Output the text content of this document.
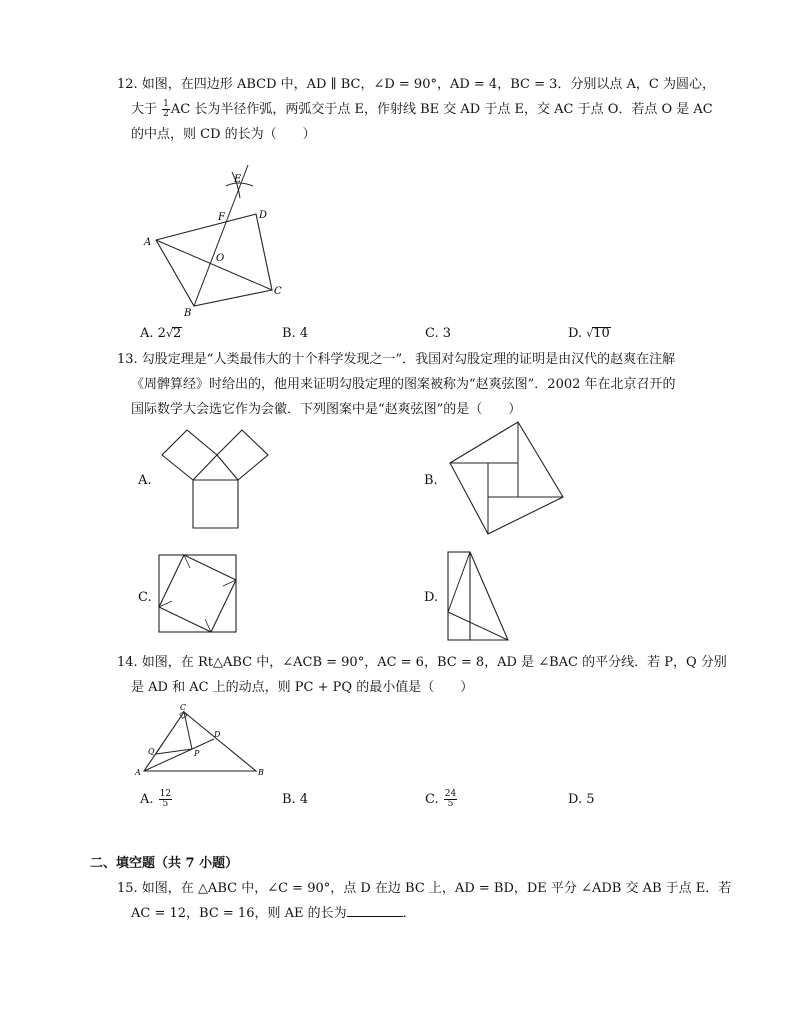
12. 如图，在四边形 ABCD 中，AD ∥ BC，∠D = 90°，AD = 4，BC = 3．分别以点 A，C 为圆心，
大于 $\frac{1}{2}$ AC 长为半径作弧，两弧交于点 E，作射线 BE 交 AD 于点 E，交 AC 于点 O．若点 O 是 AC
的中点，则 CD 的长为（　　）
E
F	D
A
O
B
C
A. 2√2	B. 4	C. 3	D. √10
13. 勾股定理是“人类最伟大的十个科学发现之一”．我国对勾股定理的证明是由汉代的赵爽在注解
《周髀算经》时给出的，他用来证明勾股定理的图案被称为“赵爽弦图”．2002 年在北京召开的
国际数学大会选它作为会徽．下列图案中是“赵爽弦图”的是（　　）
A.	B.
C.	D.
14. 如图，在 Rt△ABC 中，∠ACB = 90°，AC = 6，BC = 8，AD 是 ∠BAC 的平分线．若 P，Q 分别
是 AD 和 AC 上的动点，则 PC + PQ 的最小值是（　　）
C
D
Q	P
A	B
A. $\frac{12}{5}$	B. 4	C. $\frac{24}{5}$	D. 5
二、填空题（共 7 小题）
15. 如图，在 △ABC 中，∠C = 90°，点 D 在边 BC 上，AD = BD，DE 平分 ∠ADB 交 AB 于点 E．若
AC = 12，BC = 16，则 AE 的长为	．
